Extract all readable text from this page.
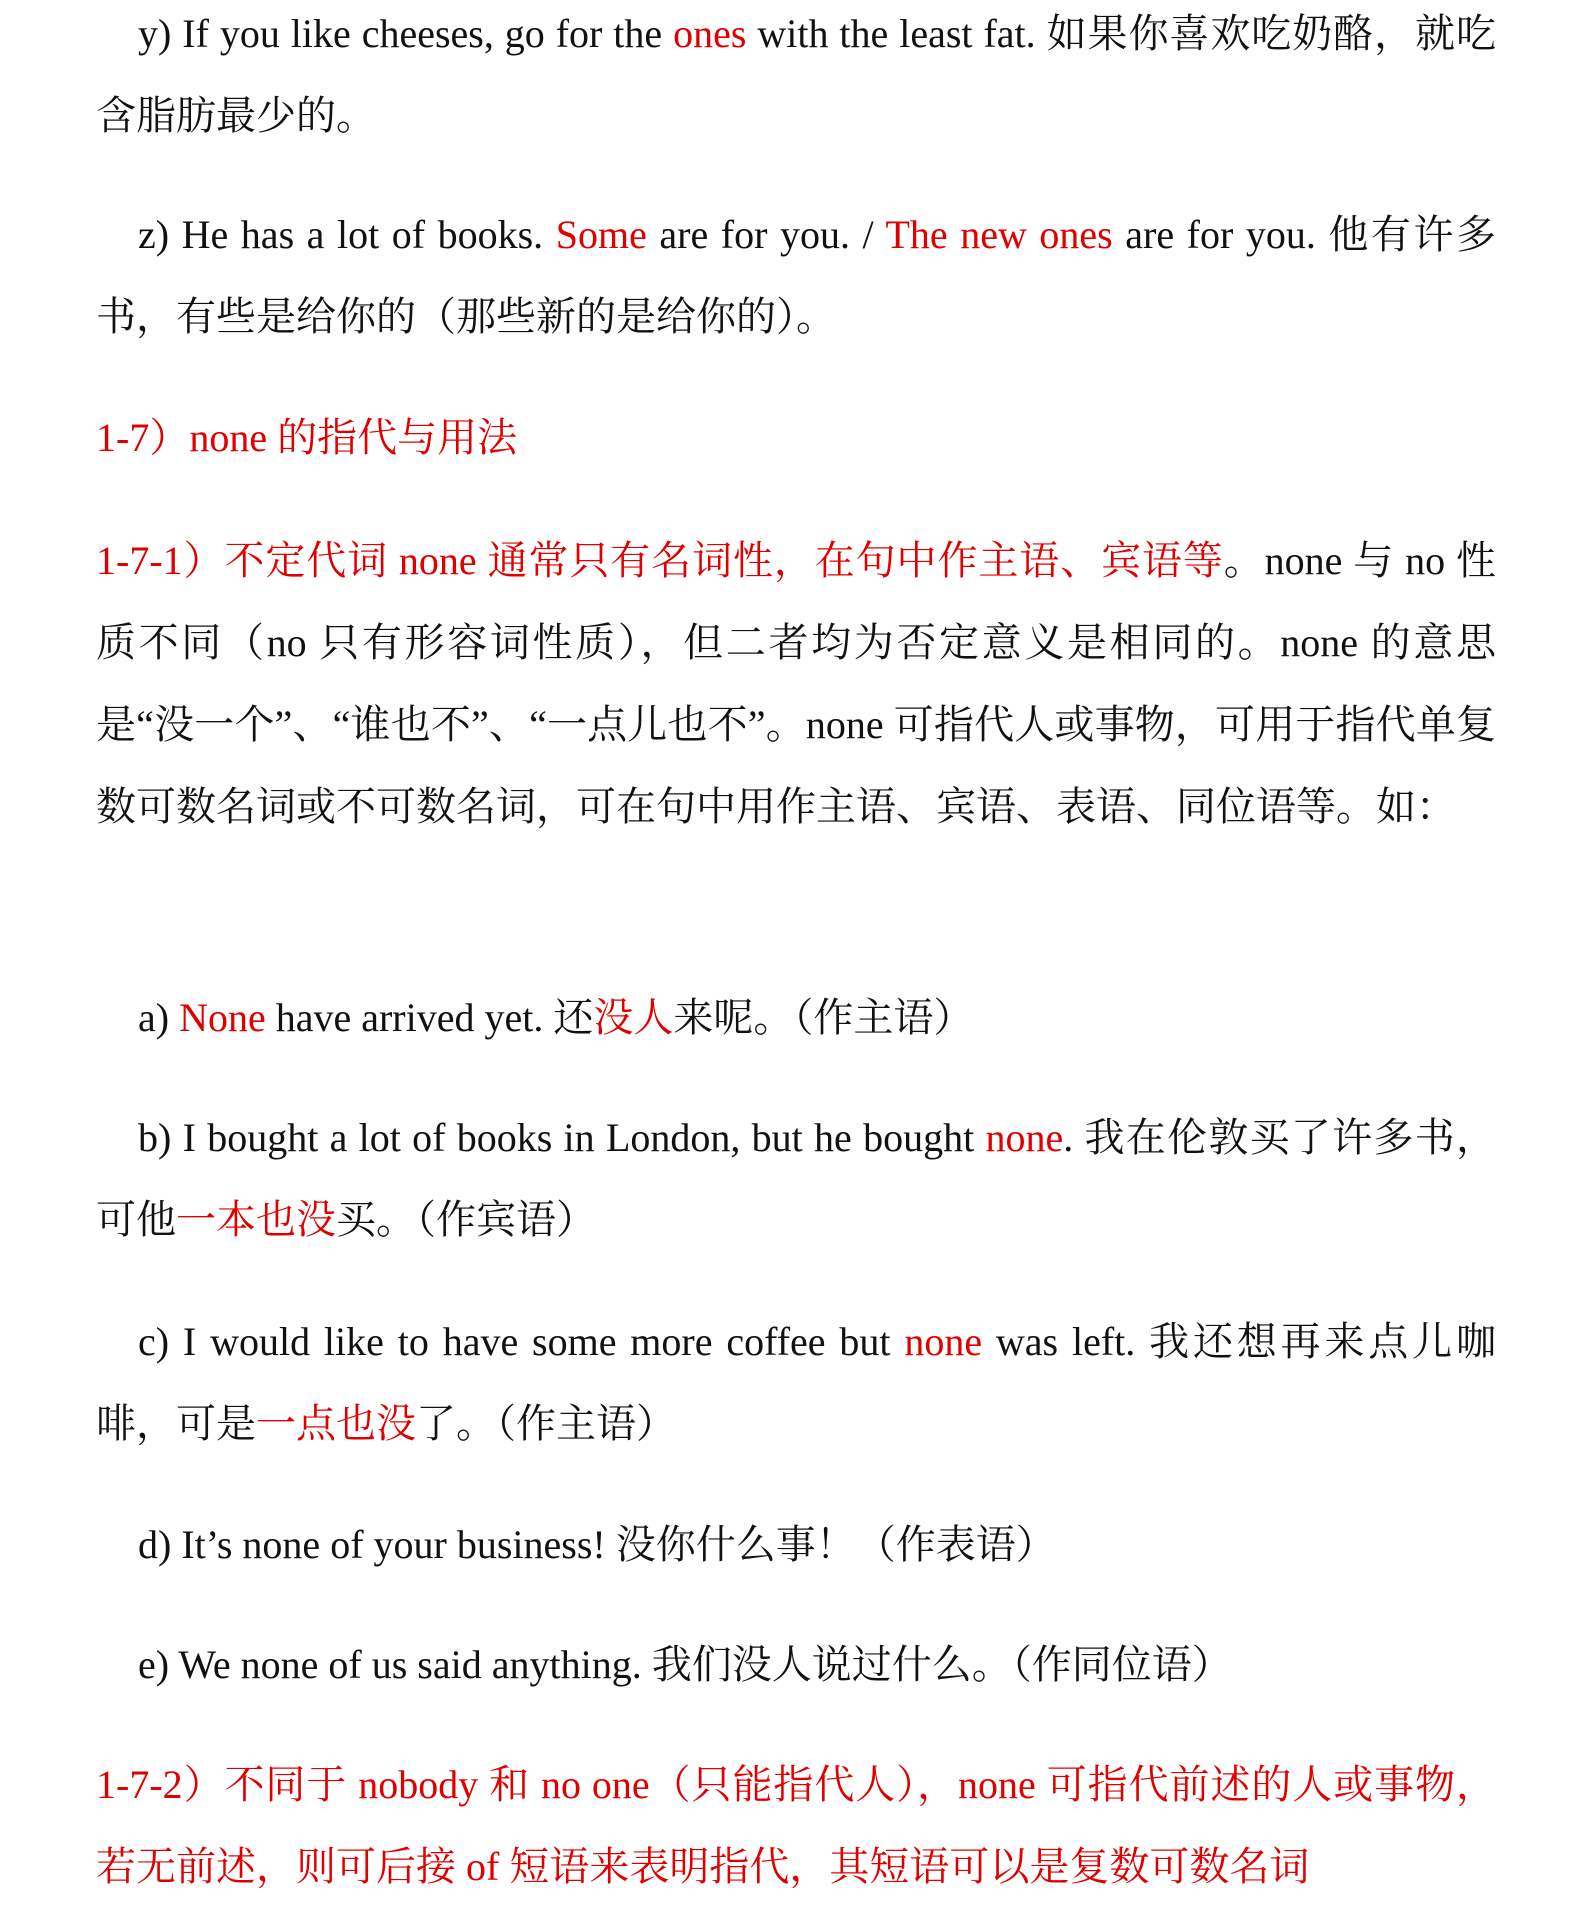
y) If you like cheeses, go for the ones with the least fat. 如果你喜欢吃奶酪，就吃含脂肪最少的。

z) He has a lot of books. Some are for you. / The new ones are for you. 他有许多书，有些是给你的（那些新的是给你的）。

1-7）none 的指代与用法

1-7-1）不定代词 none 通常只有名词性，在句中作主语、宾语等。none 与 no 性质不同（no 只有形容词性质），但二者均为否定意义是相同的。none 的意思是“没一个”、“谁也不”、“一点儿也不”。none 可指代人或事物，可用于指代单复数可数名词或不可数名词，可在句中用作主语、宾语、表语、同位语等。如：

a) None have arrived yet. 还没人来呢。（作主语）

b) I bought a lot of books in London, but he bought none. 我在伦敦买了许多书，可他一本也没买。（作宾语）

c) I would like to have some more coffee but none was left. 我还想再来点儿咖啡，可是一点也没了。（作主语）

d) It’s none of your business! 没你什么事！（作表语）

e) We none of us said anything. 我们没人说过什么。（作同位语）

1-7-2）不同于 nobody 和 no one（只能指代人），none 可指代前述的人或事物，若无前述，则可后接 of 短语来表明指代，其短语可以是复数可数名词
